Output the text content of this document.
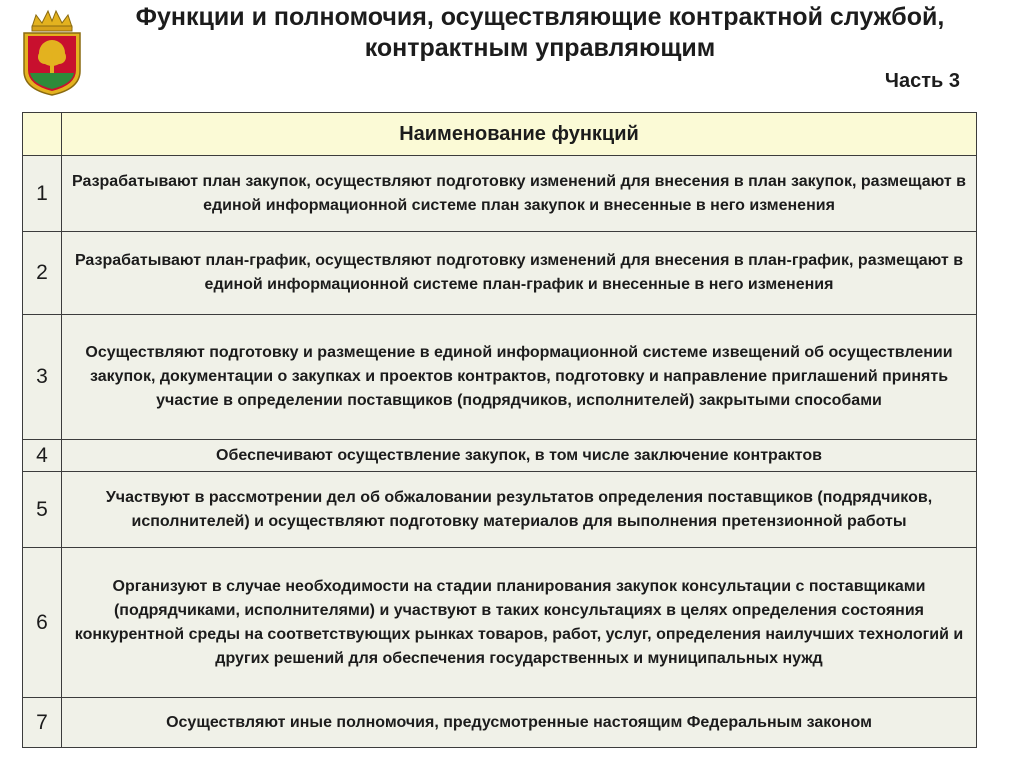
Функции и полномочия, осуществляющие контрактной службой, контрактным управляющим
Часть 3
	Наименование функций
1	Разрабатывают план закупок, осуществляют подготовку изменений для внесения в план закупок, размещают в единой информационной системе план закупок и внесенные в него изменения
2	Разрабатывают план-график, осуществляют подготовку изменений для внесения в план-график, размещают в единой информационной системе план-график и внесенные в него изменения
3	Осуществляют подготовку и размещение в единой информационной системе извещений об осуществлении закупок, документации о закупках и проектов контрактов, подготовку и направление приглашений принять участие в определении поставщиков (подрядчиков, исполнителей) закрытыми способами
4	Обеспечивают осуществление закупок, в том числе заключение контрактов
5	Участвуют в рассмотрении дел об обжаловании результатов определения поставщиков (подрядчиков, исполнителей) и осуществляют подготовку материалов для выполнения претензионной работы
6	Организуют в случае необходимости на стадии планирования закупок консультации с поставщиками (подрядчиками, исполнителями) и участвуют в таких консультациях в целях определения состояния конкурентной среды на соответствующих рынках товаров, работ, услуг, определения наилучших технологий и других решений для обеспечения государственных и муниципальных нужд
7	Осуществляют иные полномочия, предусмотренные настоящим Федеральным законом
